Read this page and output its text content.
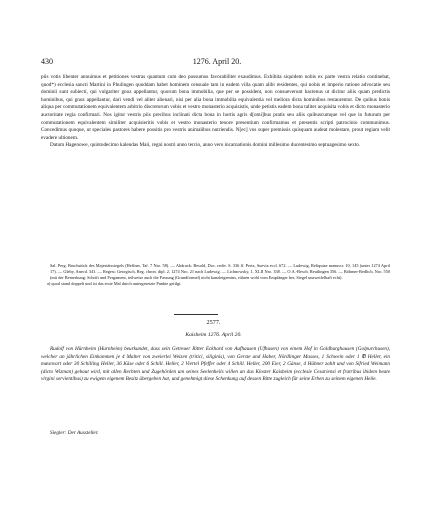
430	1276. April 20.

piis votis libenter annuimus et petitiones vestras quantum cum deo possumus favorabiliter exaudimus. Exhibita siquidem nobis ex parte vestra relatio continebat, quod*) ecclesia sancti Martini in Phulingen quoddam habet hominem censuale tam in eadem villa quam alibi residentes, qui nobis et imperio ratione advocatie seu dominii sunt subiecti, qui vulgariter gnoz appellantur, quorum bona immobilia, que per se possident, non consueverunt hactenus ut dicitur aliis quam predictis hominibus, qui gnoz appellantur, dari vendi vel aliter alienari, nisi per alia bona immobilia equivalentia vel meliora dicta hominibus restaurentur. De quibus bonis aliqua per commutationem equivalentem arbitrio discretorum vobis et vestro monasterio acquisistis, unde petistis eadem bona taliter acquisita vobis et dicto monasterio auctoritate regia confirmari. Nos igitur vestris piis precibus inclinati dicta bona in hortis agris d[omi]bus pratis seu aliis quibuscumque vel que in futurum per commutationem equivalentem similiter acquisieritis vobis et vestro monasterio tenore presentium confirmamus et presentis scripti patrocinio communimus. Concedimus quoque, ut speciales pastores habere possitis pro vestris animalibus nutriendis. N[ec] vos super premissis quisquam audeat molestare, prout regiam velit evadere ultionem.

Datum Hagenowe, quintodecimo kalendas Maii, regni nostri anno tercio, anno vero incarnationis domini millesimo ducentesimo septuagesimo sexto.

Sal. Perg. Bruchstück des Majestätssiegels (Heffner, Taf. 7 Nro. 58). — Abdruck: Besold, Doc. rediv. S. 336 ff. Pertz, Suevia eccl. 672. — Ludewig, Reliquiae manuscr. 10, 145 (unter 1274 April 17). — Gleby, Anecd. 341. — Regest: Georgisch, Reg. chron. dipl. 2, 1274 Nro. 21 nach Ludewig. — Lichnowsky, 1, XLII Nro. 338. — O.A.-Besch. Reutlingen 356. — Böhmer-Redlich, Nro. 550 (mit der Bemerkung: Schrift und Fergament, teilweise auch die Fassung (Grundformel) nicht kanzleigemäss, rühren wohl vom Empfänger her, Siegel unzweifelhaft echt).

a) quod stand doppelt und ist das erste Mal durch untergesetzte Punkte getilgt.

2577.
Kaisheim 1276. April 20.

Rudolf von Hürnheim (Hurnheim) beurkundet, dass sein Getreuer Ritter Eckhard von Aufhausen (Ufhusen) von einem Hof in Goldburghausen (Golpurchusen), welcher an jährlichen Einkommen je 4 Malter von zweierlei Weizen (tritici, siliginis), von Gerste und Haber, Nördlinger Masses, 1 Schwein oder 1 ℔ Heller, ein mæsnvart oder 30 Schilling Heller, 36 Käse oder 6 Schill. Heller, 2 Viertel Pfeffer oder 4 Schill. Heller, 200 Eier, 2 Gänse, 4 Hühner zahlt und von Sifried Weimann (dicto Wizman) gebaut wird, mit allen Rechten und Zugehörden um seines Seelenheils willen an das Kloster Kaisheim (ecclesie Cesariensi et fratribus ibidem beate virgini servientibus) zu ewigem eigenem Besitz übergeben hat, und genehmigt diese Schenkung auf dessen Bitte zugleich für seine Erben zu seinem eigenen Heile.

Siegler: Der Aussteller.
